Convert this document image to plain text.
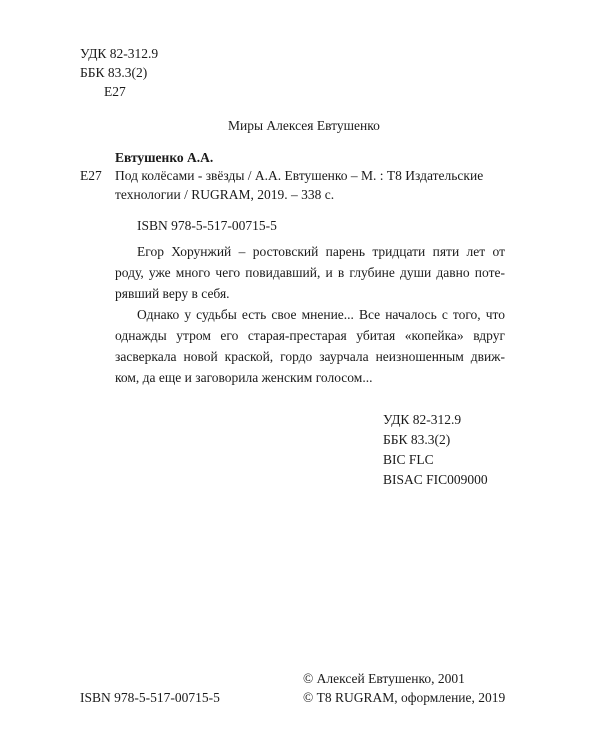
УДК 82-312.9
ББК 83.3(2)
Е27
Миры Алексея Евтушенко
Евтушенко А.А.
Е27 Под колёсами - звёзды / А.А. Евтушенко – М. : Т8 Издательские
технологии / RUGRAM, 2019. – 338 с.
ISBN 978-5-517-00715-5
Егор Хорунжий – ростовский парень тридцати пяти лет от
роду, уже много чего повидавший, и в глубине души давно поте-
рявший веру в себя.
Однако у судьбы есть свое мнение... Все началось с того, что
однажды утром его старая-престарая убитая «копейка» вдруг
засверкала новой краской, гордо заурчала неизношенным движ-
ком, да еще и заговорила женским голосом...
УДК 82-312.9
ББК 83.3(2)
BIC FLC
BISAC FIC009000
ISBN 978-5-517-00715-5
© Алексей Евтушенко, 2001
© Т8 RUGRAM, оформление, 2019
